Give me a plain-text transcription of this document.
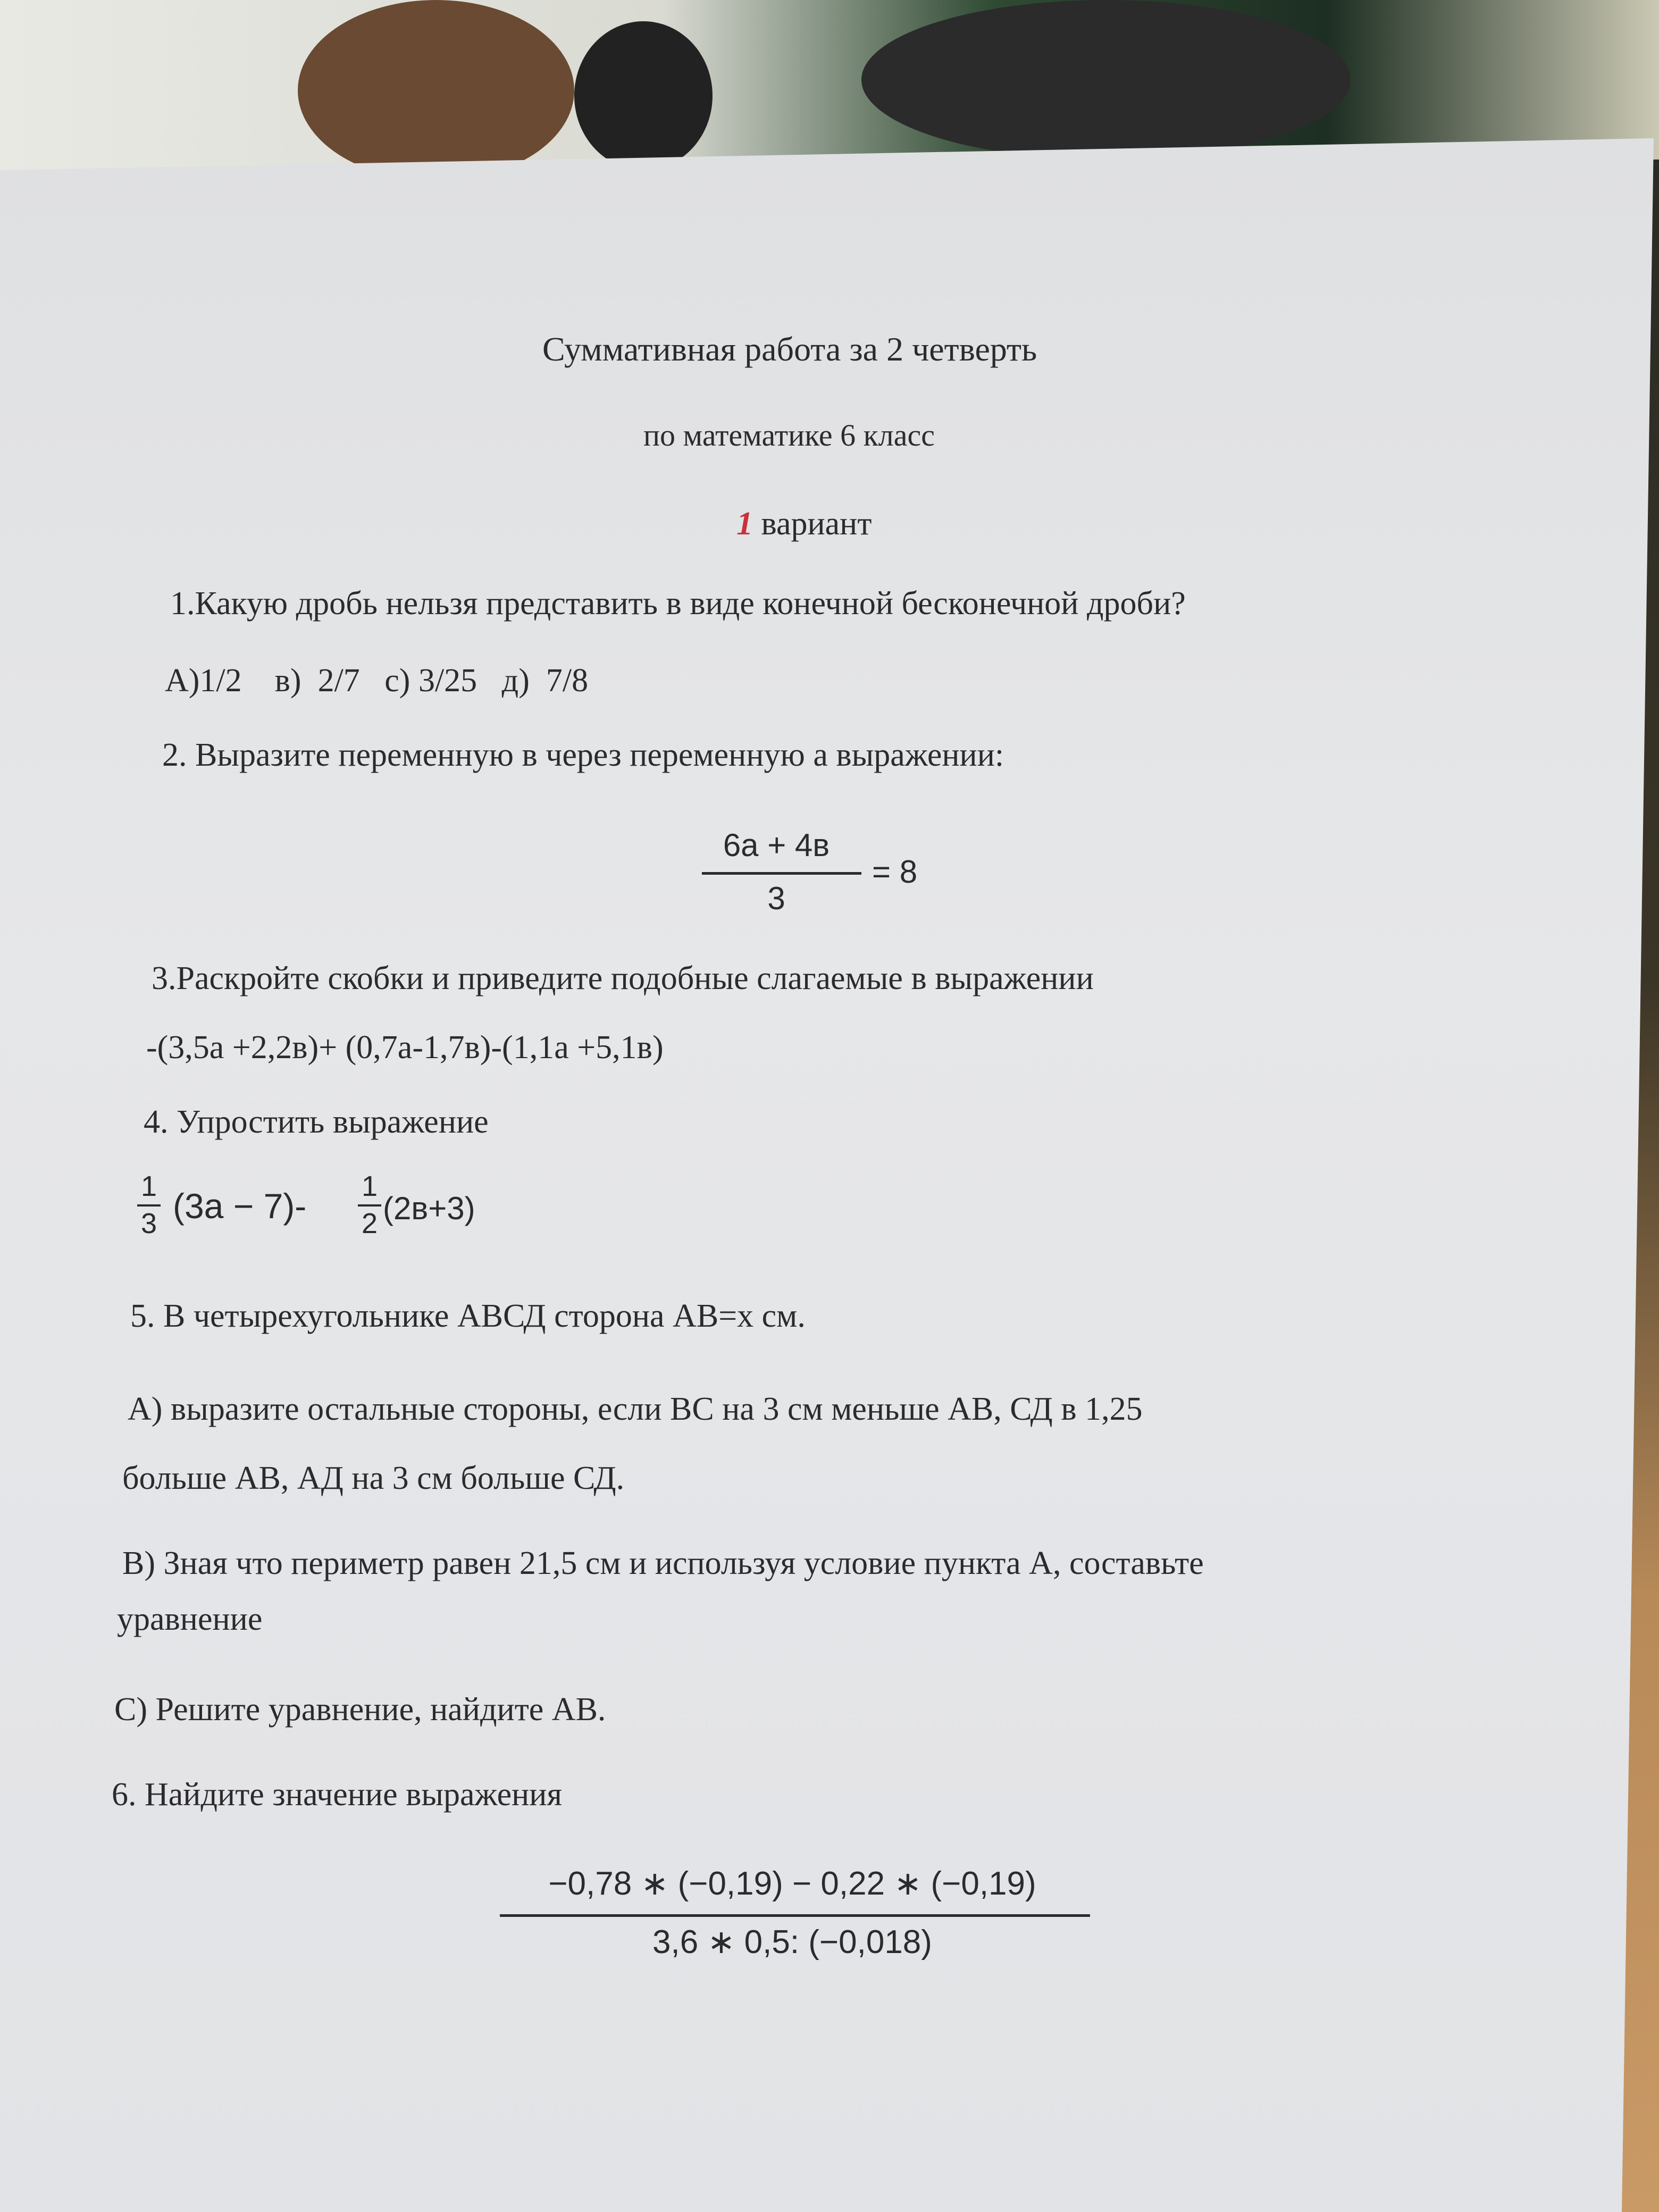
Суммативная работа за 2 четверть
по математике 6 класс
1 вариант
1.Какую дробь нельзя представить в виде конечной бесконечной дроби?
А)1/2    в)  2/7   с) 3/25   д)  7/8
2. Выразите переменную в через переменную а выражении:
6а + 4в
3
= 8
3.Раскройте скобки и приведите подобные слагаемые в выражении
-(3,5а +2,2в)+ (0,7а-1,7в)-(1,1а +5,1в)
4. Упростить выражение
1
3 (3а − 7)- 1
2 (2в+3)
5. В четырехугольнике АВСД сторона АВ=х см.
А) выразите остальные стороны, если ВС на 3 см меньше АВ, СД в 1,25
больше АВ, АД на 3 см больше СД.
В) Зная что периметр равен 21,5 см и используя условие пункта А, составьте
уравнение
С) Решите уравнение, найдите АВ.
6. Найдите значение выражения
−0,78 ∗ (−0,19) − 0,22 ∗ (−0,19)
3,6 ∗ 0,5: (−0,018)
